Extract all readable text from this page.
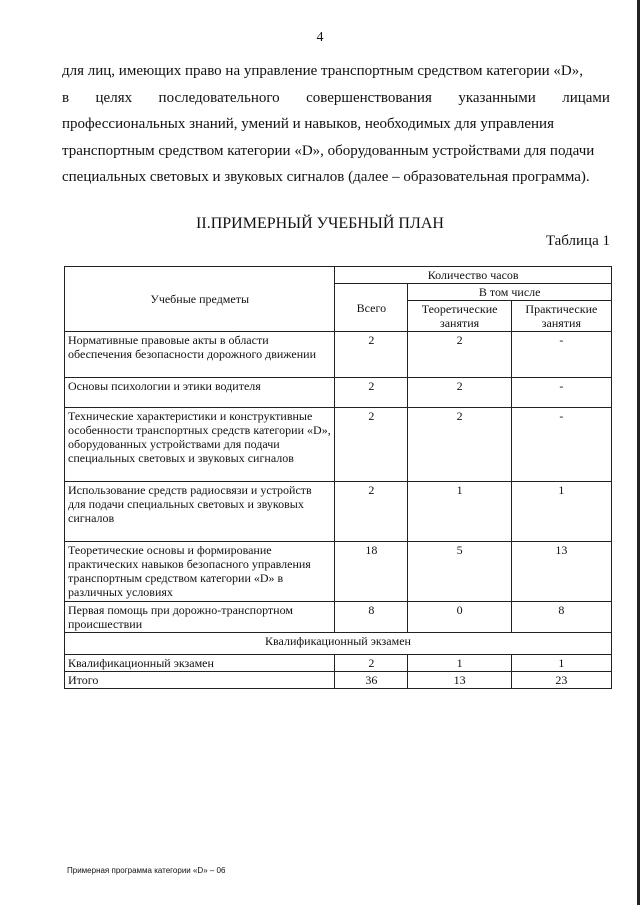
4
для лиц, имеющих право на управление транспортным средством категории «D»,
в целях последовательного совершенствования указанными лицами
профессиональных знаний, умений и навыков, необходимых для управления
транспортным средством категории «D», оборудованным устройствами для подачи
специальных световых и звуковых сигналов (далее – образовательная программа).
II.ПРИМЕРНЫЙ УЧЕБНЫЙ ПЛАН
Таблица 1
Учебные предметы	Количество часов		
	Всего	В том числе	
		Теоретические занятия	Практические занятия
Нормативные правовые акты в области обеспечения безопасности дорожного движении	2	2	-
Основы психологии и этики водителя	2	2	-
Технические характеристики и конструктивные особенности транспортных средств категории «D», оборудованных устройствами для подачи специальных световых и звуковых сигналов	2	2	-
Использование средств радиосвязи и устройств для подачи специальных световых и звуковых сигналов	2	1	1
Теоретические основы и формирование практических навыков безопасного управления транспортным средством категории «D» в различных условиях	18	5	13
Первая помощь при дорожно-транспортном происшествии	8	0	8
Квалификационный экзамен			
Квалификационный экзамен	2	1	1
Итого	36	13	23
Примерная программа категории «D» – 06
